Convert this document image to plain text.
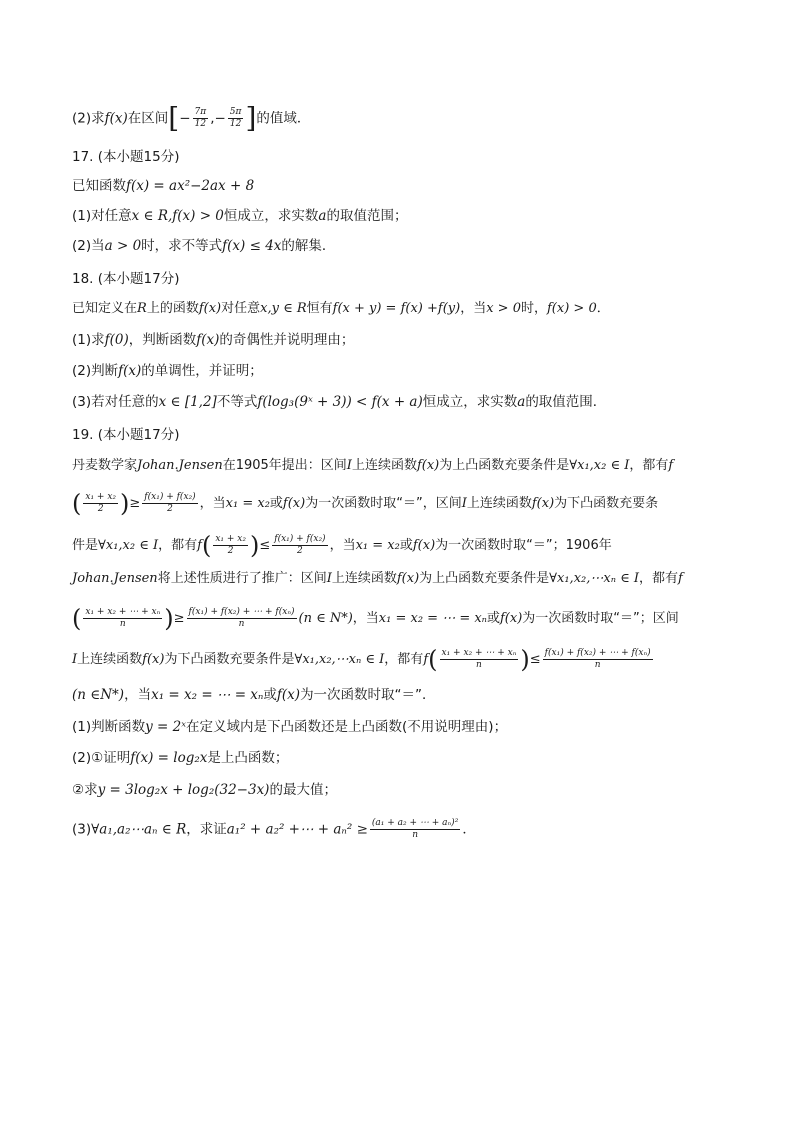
(2)求f(x)在区间[− $\frac{7\pi}{12}$ ,− $\frac{5\pi}{12}$ ]的值域．
17. (本小题15分)
已知函数f(x) = ax²−2ax + 8
(1)对任意x ∈ R,f(x) > 0恒成立，求实数a的取值范围；
(2)当a > 0时，求不等式f(x) ≤ 4x的解集．
18. (本小题17分)
已知定义在R上的函数f(x)对任意x,y ∈ R恒有f(x + y) = f(x) +f(y)，当x > 0时，f(x) > 0．
(1)求f(0)，判断函数f(x)的奇偶性并说明理由；
(2)判断f(x)的单调性，并证明；
(3)若对任意的x ∈ [1,2]不等式f(log₃(9ˣ + 3)) < f(x + a)恒成立，求实数a的取值范围．
19. (本小题17分)
丹麦数学家Johan.Jensen在1905年提出：区间I上连续函数f(x)为上凸函数充要条件是∀x₁,x₂ ∈ I，都有f
( $\frac{\text{x₁ + x₂}}{2}$ )≥ $\frac{\text{f(x₁) + f(x₂)}}{2}$ ，当x₁ = x₂或f(x)为一次函数时取“＝”，区间I上连续函数f(x)为下凸函数充要条
件是∀x₁,x₂ ∈ I，都有$f( \frac{\text{x₁ + x₂}}{2}$ )≤ $\frac{\text{f(x₁) + f(x₂)}}{2}$ ，当x₁ = x₂或f(x)为一次函数时取“＝”；1906年
Johan.Jensen将上述性质进行了推广：区间I上连续函数f(x)为上凸函数充要条件是∀x₁,x₂,⋯xₙ ∈ I，都有f
( $\frac{\text{x₁ + x₂ + ⋯ + xₙ}}{n}$ )≥ $\frac{\text{f(x₁) + f(x₂) + ⋯ + f(xₙ)}}{n} (n$ ∈ N*)，当x₁ = x₂ = ⋯ = xₙ或f(x)为一次函数时取“＝”；区间
I上连续函数f(x)为下凸函数充要条件是∀x₁,x₂,⋯xₙ ∈ I，都有$f( \frac{\text{x₁ + x₂ + ⋯ + xₙ}}{n}$ )≤ $\frac{\text{f(x₁) + f(x₂) + ⋯ + f(xₙ)}}{n}$
(n ∈N*)，当x₁ = x₂ = ⋯ = xₙ或f(x)为一次函数时取“＝”．
(1)判断函数y = 2ˣ在定义域内是下凸函数还是上凸函数(不用说明理由)；
(2)①证明f(x) = log₂x是上凸函数；
②求y = 3log₂x + log₂(32−3x)的最大值；
(3)∀a₁,a₂⋯aₙ ∈ R，求证a₁² + a₂² +⋯ + $a_n^2 \ge \frac{\text{(a₁ + a₂ + ⋯ + aₙ)²}}{n}$ ．
